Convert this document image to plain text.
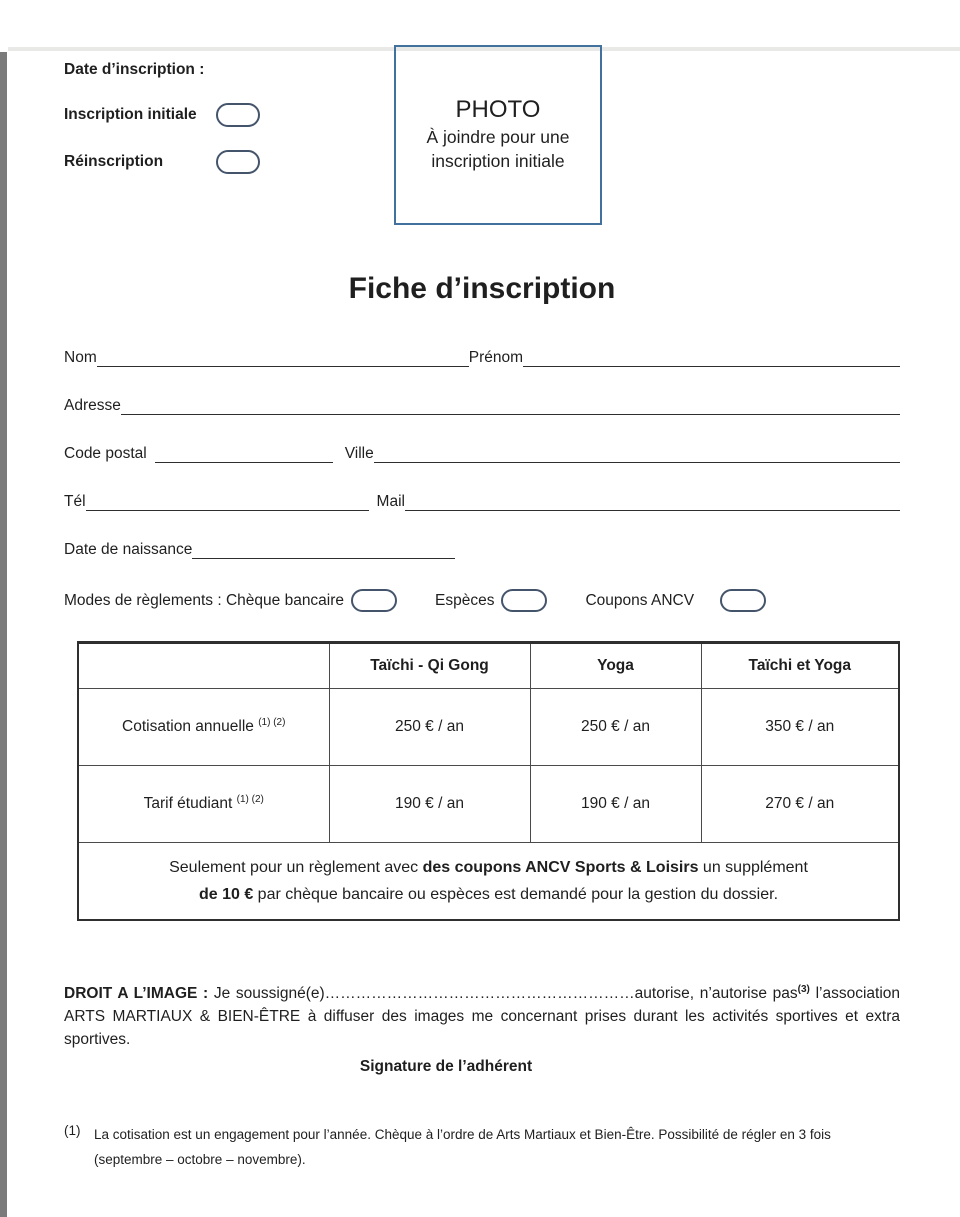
Date d’inscription :
Inscription initiale
Réinscription
PHOTO
À joindre pour une inscription initiale
Fiche d’inscription
Nom	Prénom
Adresse
Code postal	Ville
Tél	Mail
Date de naissance
Modes de règlements : Chèque bancaire	Espèces	Coupons ANCV
	Taïchi - Qi Gong	Yoga	Taïchi et Yoga
Cotisation annuelle $^{(1) (2)}$	250 € / an	250 € / an	350 € / an
Tarif étudiant $^{(1) (2)}$	190 € / an	190 € / an	270 € / an
Seulement pour un règlement avec des coupons ANCV Sports & Loisirs un supplément
de 10 € par chèque bancaire ou espèces est demandé pour la gestion du dossier.			

DROIT A L’IMAGE : Je soussigné(e)……………………………………………………autorise, n’autorise pas$^{(3)}$ l’association ARTS MARTIAUX & BIEN-ÊTRE à diffuser des images me concernant prises durant les activités sportives et extra sportives.

Signature de l’adhérent
(1)	La cotisation est un engagement pour l’année. Chèque à l’ordre de Arts Martiaux et Bien-Être. Possibilité de régler en 3 fois (septembre – octobre – novembre).
